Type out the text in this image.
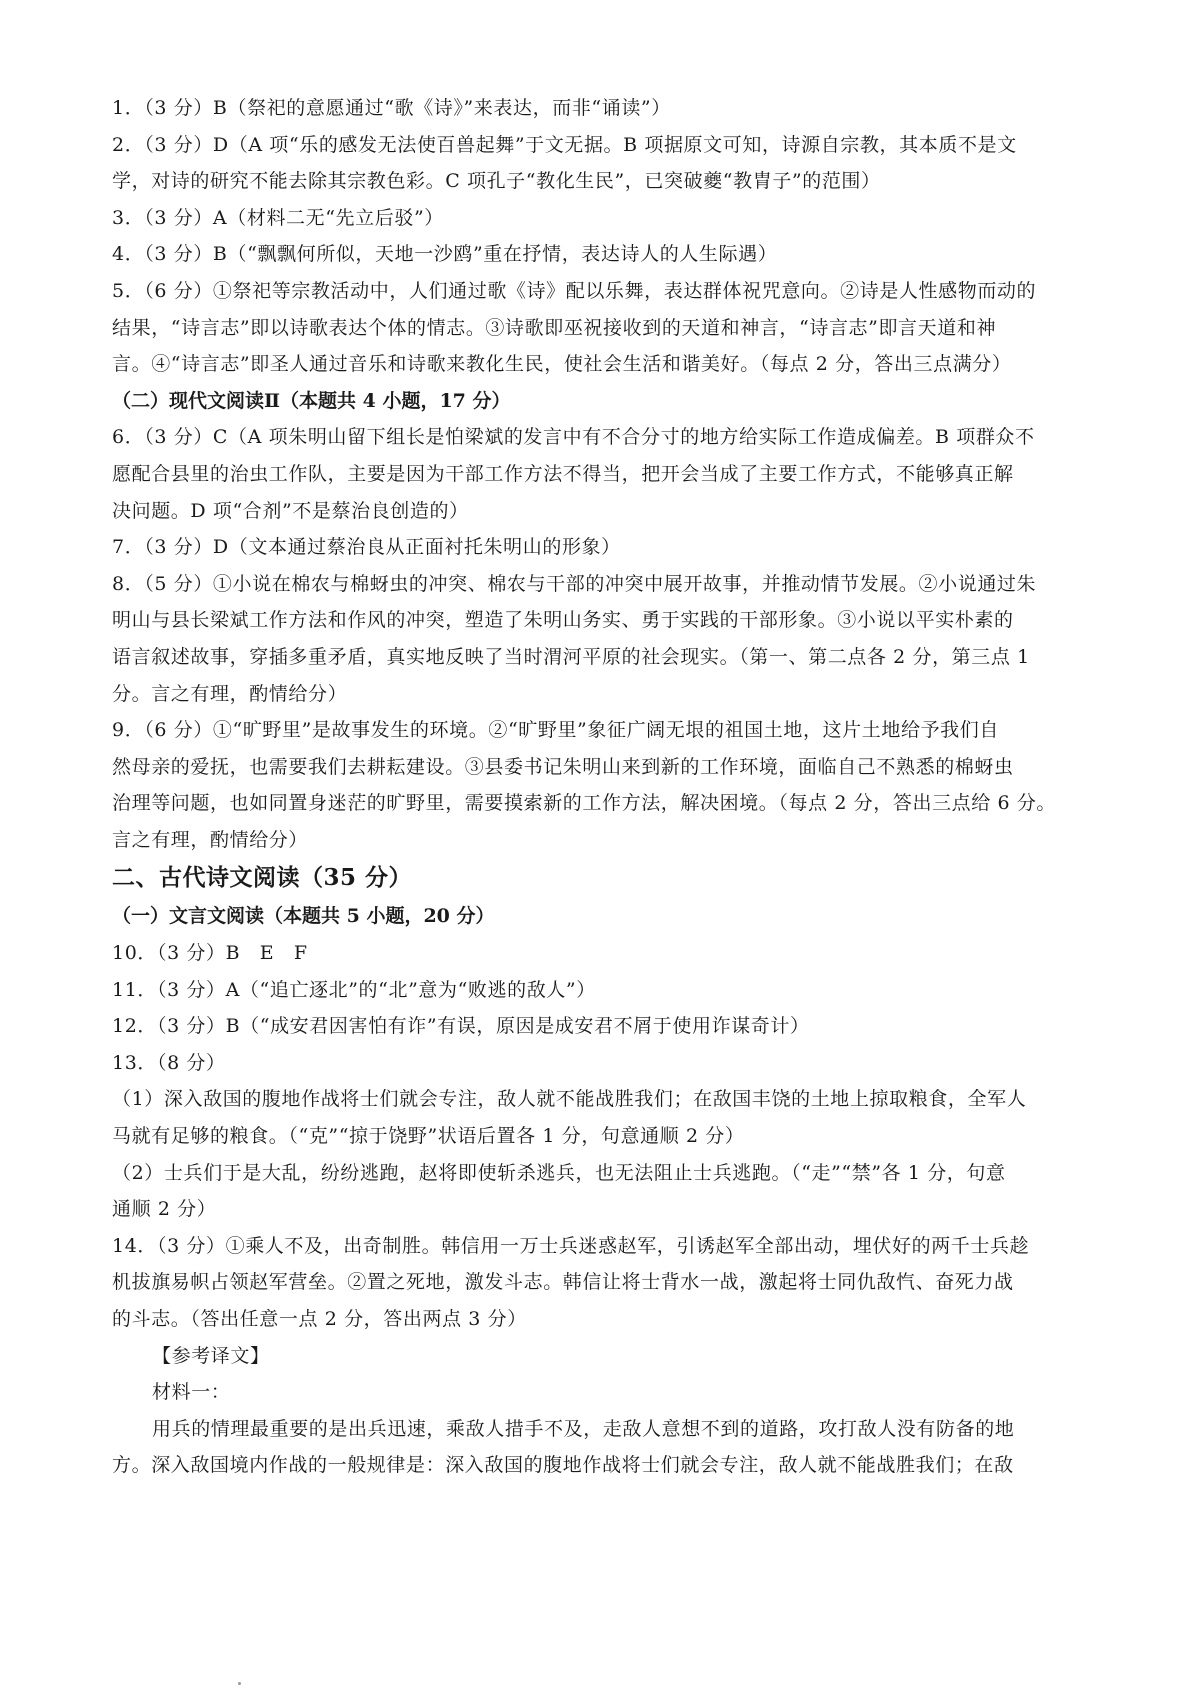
1．（3 分）B（祭祀的意愿通过“歌《诗》”来表达，而非“诵读”）
2．（3 分）D（A 项“乐的感发无法使百兽起舞”于文无据。B 项据原文可知，诗源自宗教，其本质不是文
学，对诗的研究不能去除其宗教色彩。C 项孔子“教化生民”，已突破夔“教胄子”的范围）
3．（3 分）A（材料二无“先立后驳”）
4．（3 分）B（“飘飘何所似，天地一沙鸥”重在抒情，表达诗人的人生际遇）
5．（6 分）①祭祀等宗教活动中，人们通过歌《诗》配以乐舞，表达群体祝咒意向。②诗是人性感物而动的
结果，“诗言志”即以诗歌表达个体的情志。③诗歌即巫祝接收到的天道和神言，“诗言志”即言天道和神
言。④“诗言志”即圣人通过音乐和诗歌来教化生民，使社会生活和谐美好。（每点 2 分，答出三点满分）
（二）现代文阅读Ⅱ（本题共 4 小题，17 分）
6．（3 分）C（A 项朱明山留下组长是怕梁斌的发言中有不合分寸的地方给实际工作造成偏差。B 项群众不
愿配合县里的治虫工作队，主要是因为干部工作方法不得当，把开会当成了主要工作方式，不能够真正解
决问题。D 项“合剂”不是蔡治良创造的）
7．（3 分）D（文本通过蔡治良从正面衬托朱明山的形象）
8．（5 分）①小说在棉农与棉蚜虫的冲突、棉农与干部的冲突中展开故事，并推动情节发展。②小说通过朱
明山与县长梁斌工作方法和作风的冲突，塑造了朱明山务实、勇于实践的干部形象。③小说以平实朴素的
语言叙述故事，穿插多重矛盾，真实地反映了当时渭河平原的社会现实。（第一、第二点各 2 分，第三点 1
分。言之有理，酌情给分）
9．（6 分）①“旷野里”是故事发生的环境。②“旷野里”象征广阔无垠的祖国土地，这片土地给予我们自
然母亲的爱抚，也需要我们去耕耘建设。③县委书记朱明山来到新的工作环境，面临自己不熟悉的棉蚜虫
治理等问题，也如同置身迷茫的旷野里，需要摸索新的工作方法，解决困境。（每点 2 分，答出三点给 6 分。
言之有理，酌情给分）
二、古代诗文阅读（35 分）
（一）文言文阅读（本题共 5 小题，20 分）
10．（3 分）B　E　F
11．（3 分）A（“追亡逐北”的“北”意为“败逃的敌人”）
12．（3 分）B（“成安君因害怕有诈”有误，原因是成安君不屑于使用诈谋奇计）
13．（8 分）
（1）深入敌国的腹地作战将士们就会专注，敌人就不能战胜我们；在敌国丰饶的土地上掠取粮食，全军人
马就有足够的粮食。（“克”“掠于饶野”状语后置各 1 分，句意通顺 2 分）
（2）士兵们于是大乱，纷纷逃跑，赵将即使斩杀逃兵，也无法阻止士兵逃跑。（“走”“禁”各 1 分，句意
通顺 2 分）
14．（3 分）①乘人不及，出奇制胜。韩信用一万士兵迷惑赵军，引诱赵军全部出动，埋伏好的两千士兵趁
机拔旗易帜占领赵军营垒。②置之死地，激发斗志。韩信让将士背水一战，激起将士同仇敌忾、奋死力战
的斗志。（答出任意一点 2 分，答出两点 3 分）
【参考译文】
材料一：
用兵的情理最重要的是出兵迅速，乘敌人措手不及，走敌人意想不到的道路，攻打敌人没有防备的地
方。深入敌国境内作战的一般规律是：深入敌国的腹地作战将士们就会专注，敌人就不能战胜我们；在敌
